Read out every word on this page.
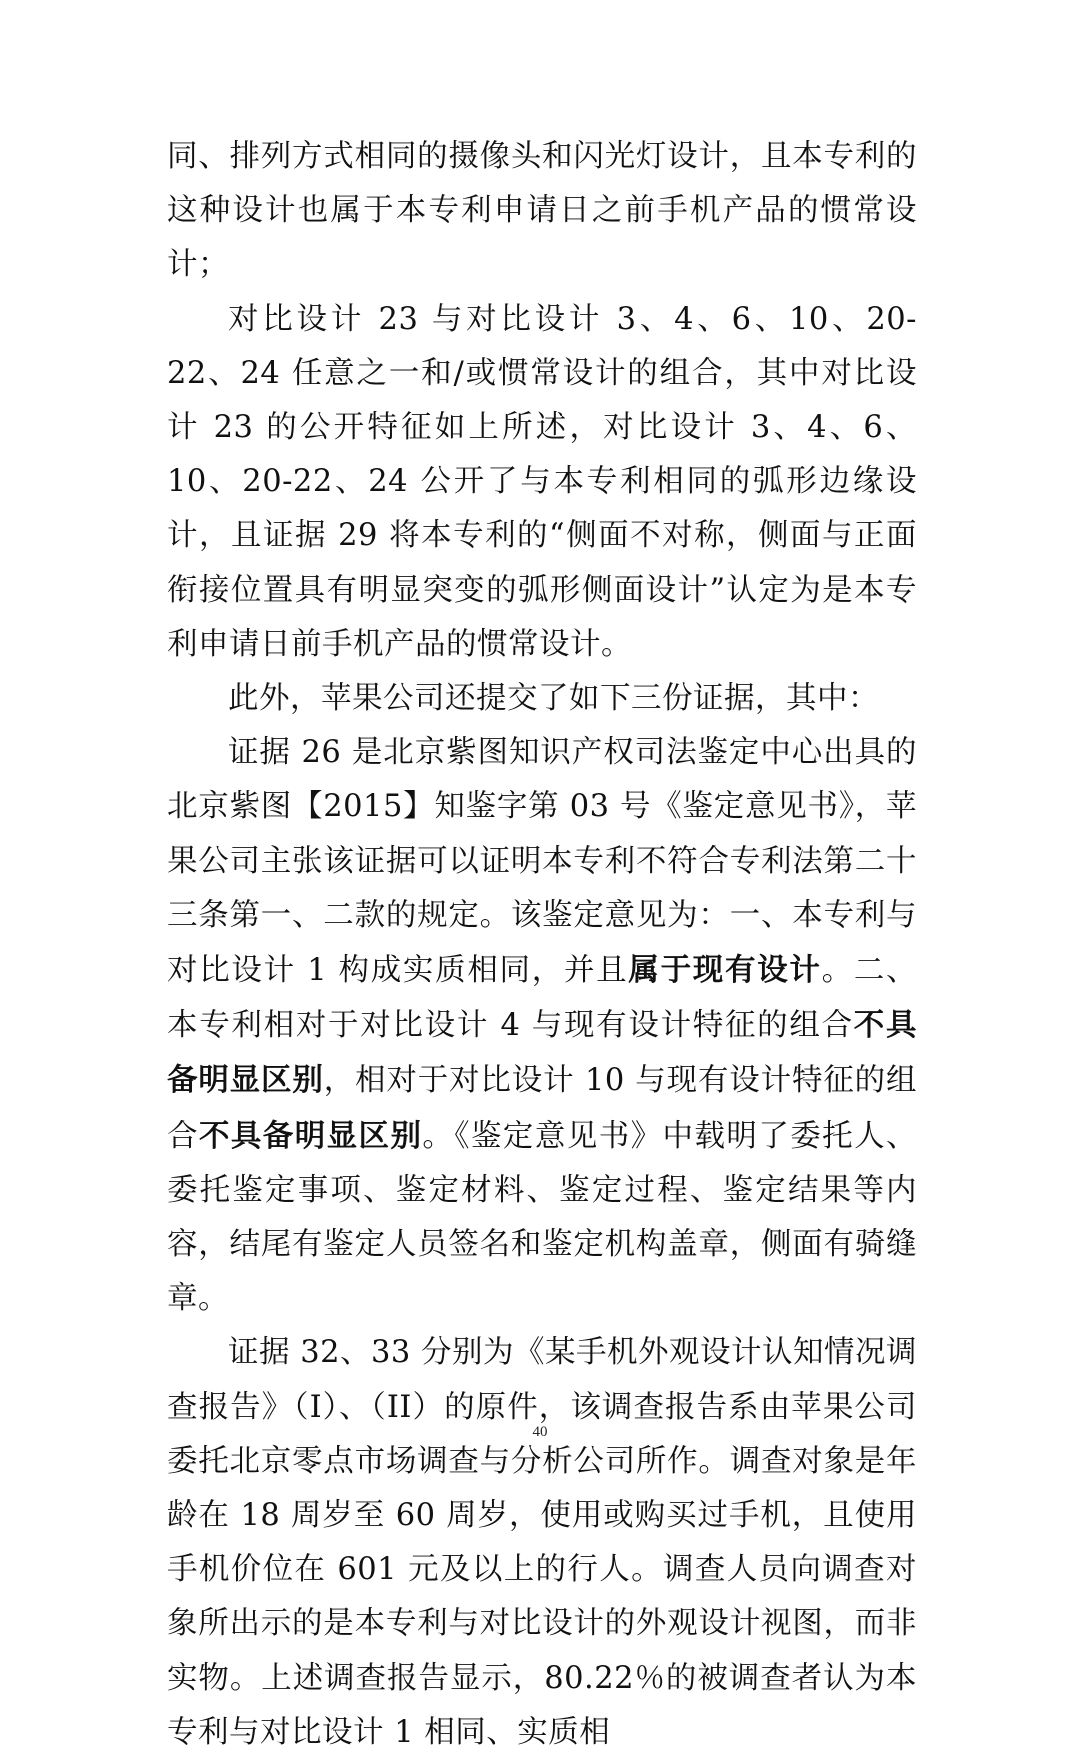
同、排列方式相同的摄像头和闪光灯设计，且本专利的这种设计也属于本专利申请日之前手机产品的惯常设计；

对比设计 23 与对比设计 3、4、6、10、20-22、24 任意之一和/或惯常设计的组合，其中对比设计 23 的公开特征如上所述，对比设计 3、4、6、10、20-22、24 公开了与本专利相同的弧形边缘设计，且证据 29 将本专利的“侧面不对称，侧面与正面衔接位置具有明显突变的弧形侧面设计”认定为是本专利申请日前手机产品的惯常设计。

此外，苹果公司还提交了如下三份证据，其中：

证据 26 是北京紫图知识产权司法鉴定中心出具的北京紫图【2015】知鉴字第 03 号《鉴定意见书》，苹果公司主张该证据可以证明本专利不符合专利法第二十三条第一、二款的规定。该鉴定意见为：一、本专利与对比设计 1 构成实质相同，并且属于现有设计。二、本专利相对于对比设计 4 与现有设计特征的组合不具备明显区别，相对于对比设计 10 与现有设计特征的组合不具备明显区别。《鉴定意见书》中载明了委托人、委托鉴定事项、鉴定材料、鉴定过程、鉴定结果等内容，结尾有鉴定人员签名和鉴定机构盖章，侧面有骑缝章。

证据 32、33 分别为《某手机外观设计认知情况调查报告》（I）、（II）的原件，该调查报告系由苹果公司委托北京零点市场调查与分析公司所作。调查对象是年龄在 18 周岁至 60 周岁，使用或购买过手机，且使用手机价位在 601 元及以上的行人。调查人员向调查对象所出示的是本专利与对比设计的外观设计视图，而非实物。上述调查报告显示，80.22％的被调查者认为本专利与对比设计 1 相同、实质相

40
